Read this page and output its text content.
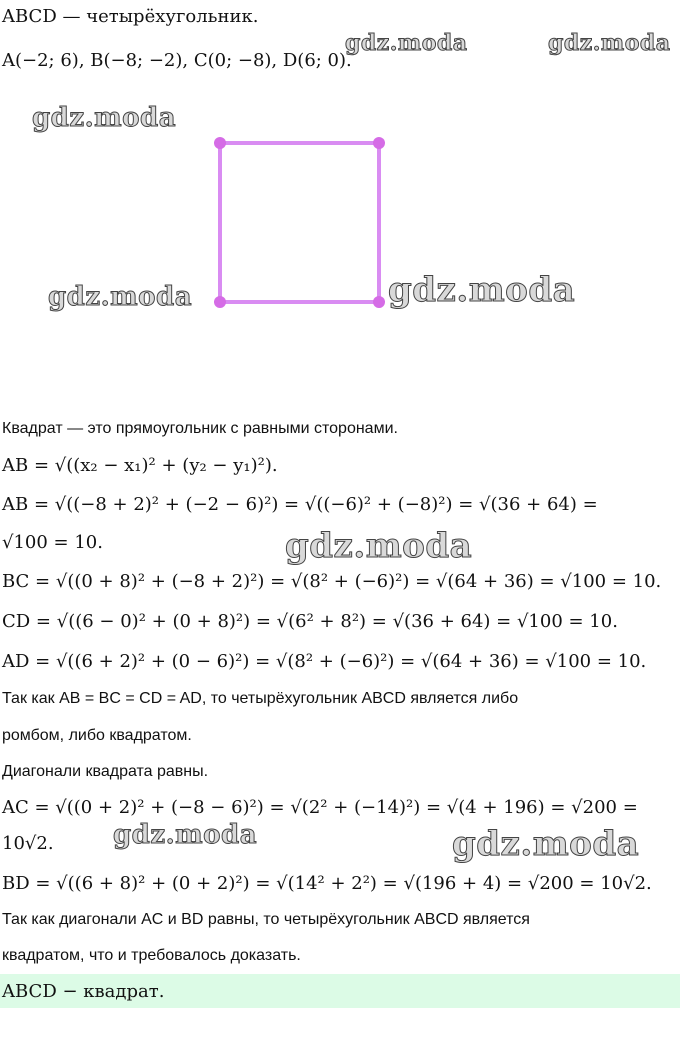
ABCD — четырёхугольник.
A(−2; 6), B(−8; −2), C(0; −8), D(6; 0).
Квадрат — это прямоугольник с равными сторонами.
AB = √((x₂ − x₁)² + (y₂ − y₁)²).
AB = √((−8 + 2)² + (−2 − 6)²) = √((−6)² + (−8)²) = √(36 + 64) =
√100 = 10.
BC = √((0 + 8)² + (−8 + 2)²) = √(8² + (−6)²) = √(64 + 36) = √100 = 10.
CD = √((6 − 0)² + (0 + 8)²) = √(6² + 8²) = √(36 + 64) = √100 = 10.
AD = √((6 + 2)² + (0 − 6)²) = √(8² + (−6)²) = √(64 + 36) = √100 = 10.
Так как AB = BC = CD = AD, то четырёхугольник ABCD является либо
ромбом, либо квадратом.
Диагонали квадрата равны.
AC = √((0 + 2)² + (−8 − 6)²) = √(2² + (−14)²) = √(4 + 196) = √200 =
10√2.
BD = √((6 + 8)² + (0 + 2)²) = √(14² + 2²) = √(196 + 4) = √200 = 10√2.
Так как диагонали AC и BD равны, то четырёхугольник ABCD является
квадратом, что и требовалось доказать.
ABCD − квадрат.
gdz.moda	gdz.moda
gdz.moda
gdz.moda	gdz.moda
gdz.moda
gdz.moda	gdz.moda
